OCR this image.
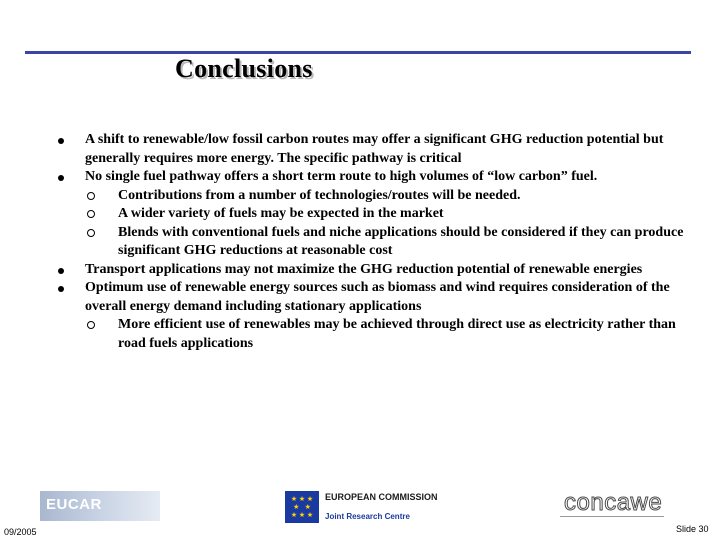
Conclusions
A shift to renewable/low fossil carbon routes may offer a significant GHG reduction potential but generally requires more energy. The specific pathway is critical
No single fuel pathway offers a short term route to high volumes of “low carbon” fuel.
Contributions from a number of technologies/routes will be needed.
A wider variety of fuels may be expected in the market
Blends with conventional fuels and niche applications should be considered if they can produce significant GHG reductions at reasonable cost
Transport applications may not maximize the GHG reduction potential of renewable energies
Optimum use of renewable energy sources such as biomass and wind requires consideration of the overall energy demand including stationary applications
More efficient use of renewables may be achieved through direct use as electricity rather than road fuels applications
EUCAR	★ ★ ★
★   ★
★ ★ ★
EUROPEAN COMMISSION
Joint Research Centre
concawe
09/2005	Slide 30
